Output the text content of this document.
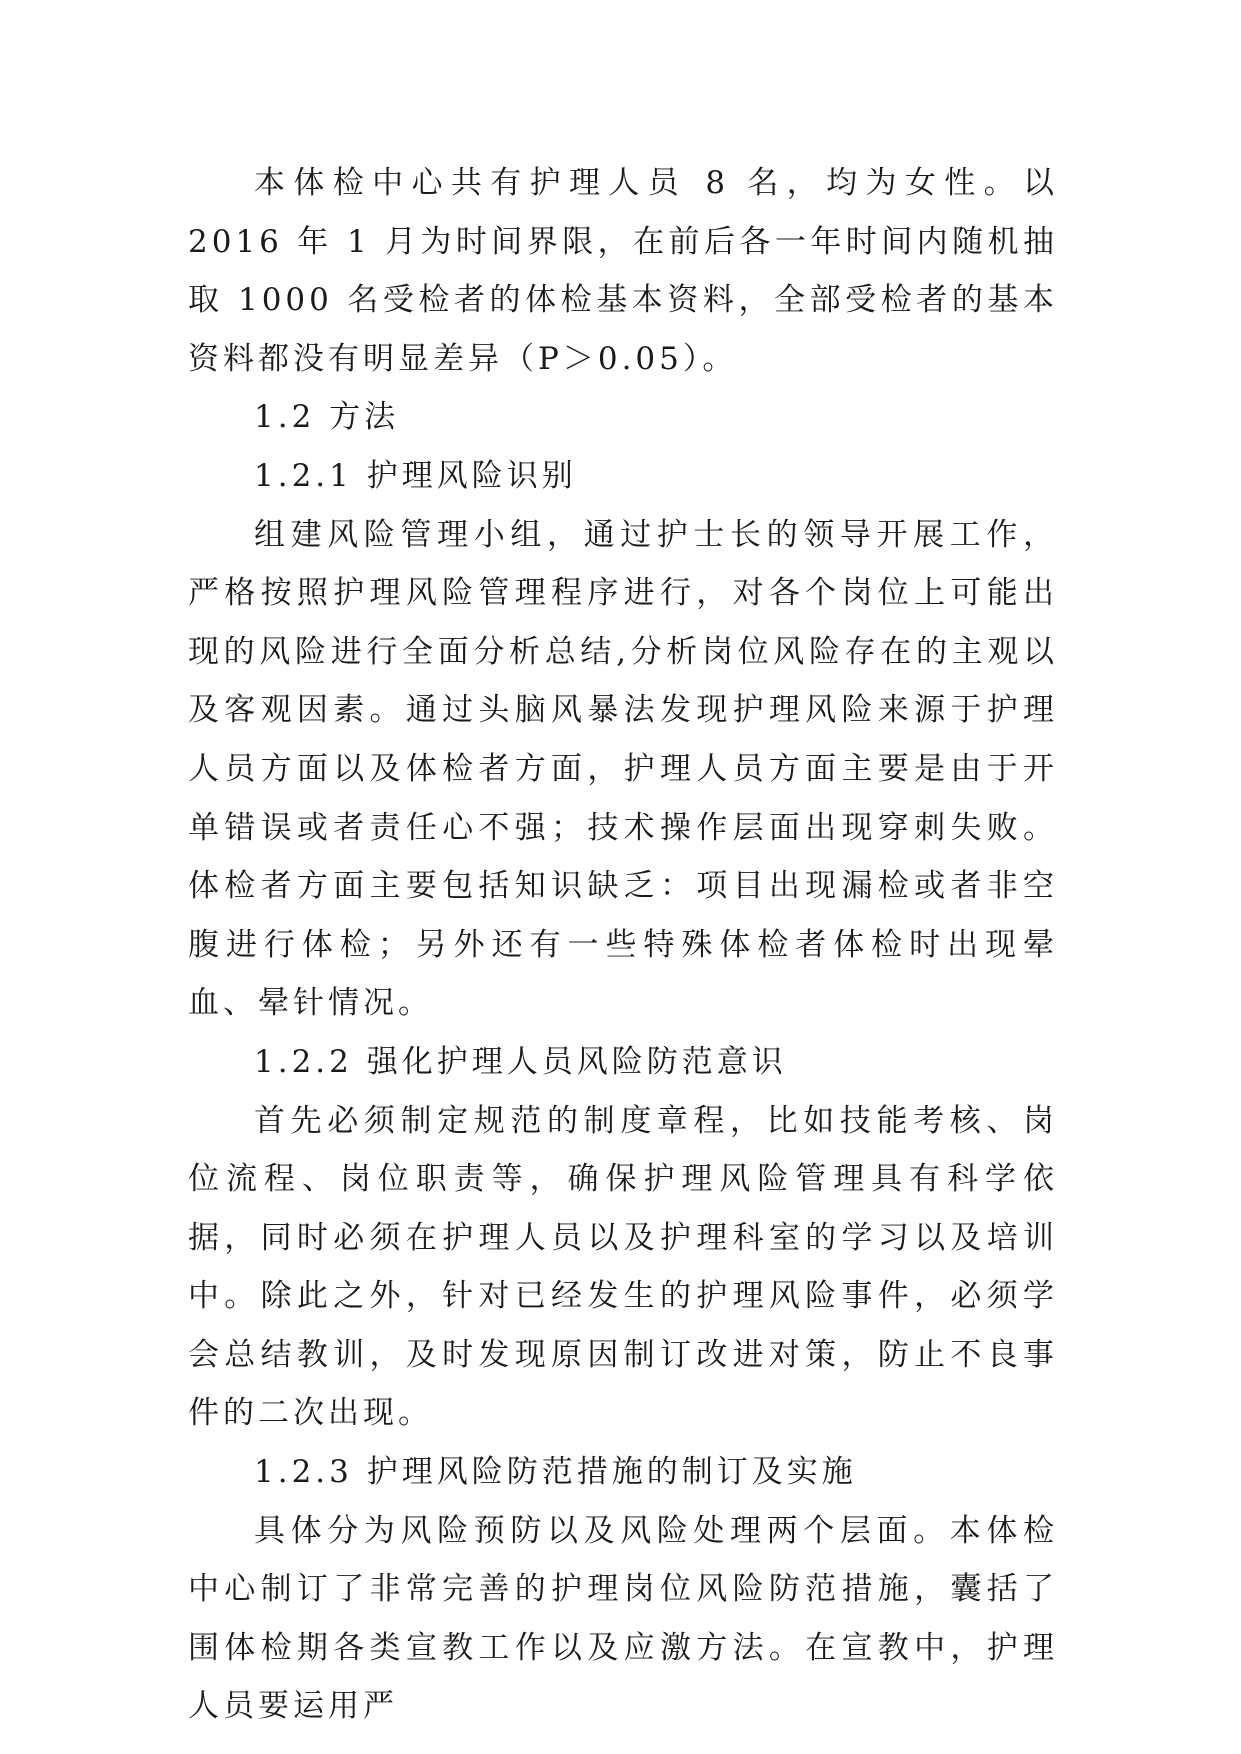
本体检中心共有护理人员 8 名，均为女性。以 2016 年 1 月为时间界限，在前后各一年时间内随机抽取 1000 名受检者的体检基本资料，全部受检者的基本资料都没有明显差异（P＞0.05）。

1.2 方法

1.2.1 护理风险识别

组建风险管理小组，通过护士长的领导开展工作，严格按照护理风险管理程序进行，对各个岗位上可能出现的风险进行全面分析总结,分析岗位风险存在的主观以及客观因素。通过头脑风暴法发现护理风险来源于护理人员方面以及体检者方面，护理人员方面主要是由于开单错误或者责任心不强；技术操作层面出现穿刺失败。体检者方面主要包括知识缺乏：项目出现漏检或者非空腹进行体检；另外还有一些特殊体检者体检时出现晕血、晕针情况。

1.2.2 强化护理人员风险防范意识

首先必须制定规范的制度章程，比如技能考核、岗位流程、岗位职责等，确保护理风险管理具有科学依据，同时必须在护理人员以及护理科室的学习以及培训中。除此之外，针对已经发生的护理风险事件，必须学会总结教训，及时发现原因制订改进对策，防止不良事件的二次出现。

1.2.3 护理风险防范措施的制订及实施

具体分为风险预防以及风险处理两个层面。本体检中心制订了非常完善的护理岗位风险防范措施，囊括了围体检期各类宣教工作以及应激方法。在宣教中，护理人员要运用严
